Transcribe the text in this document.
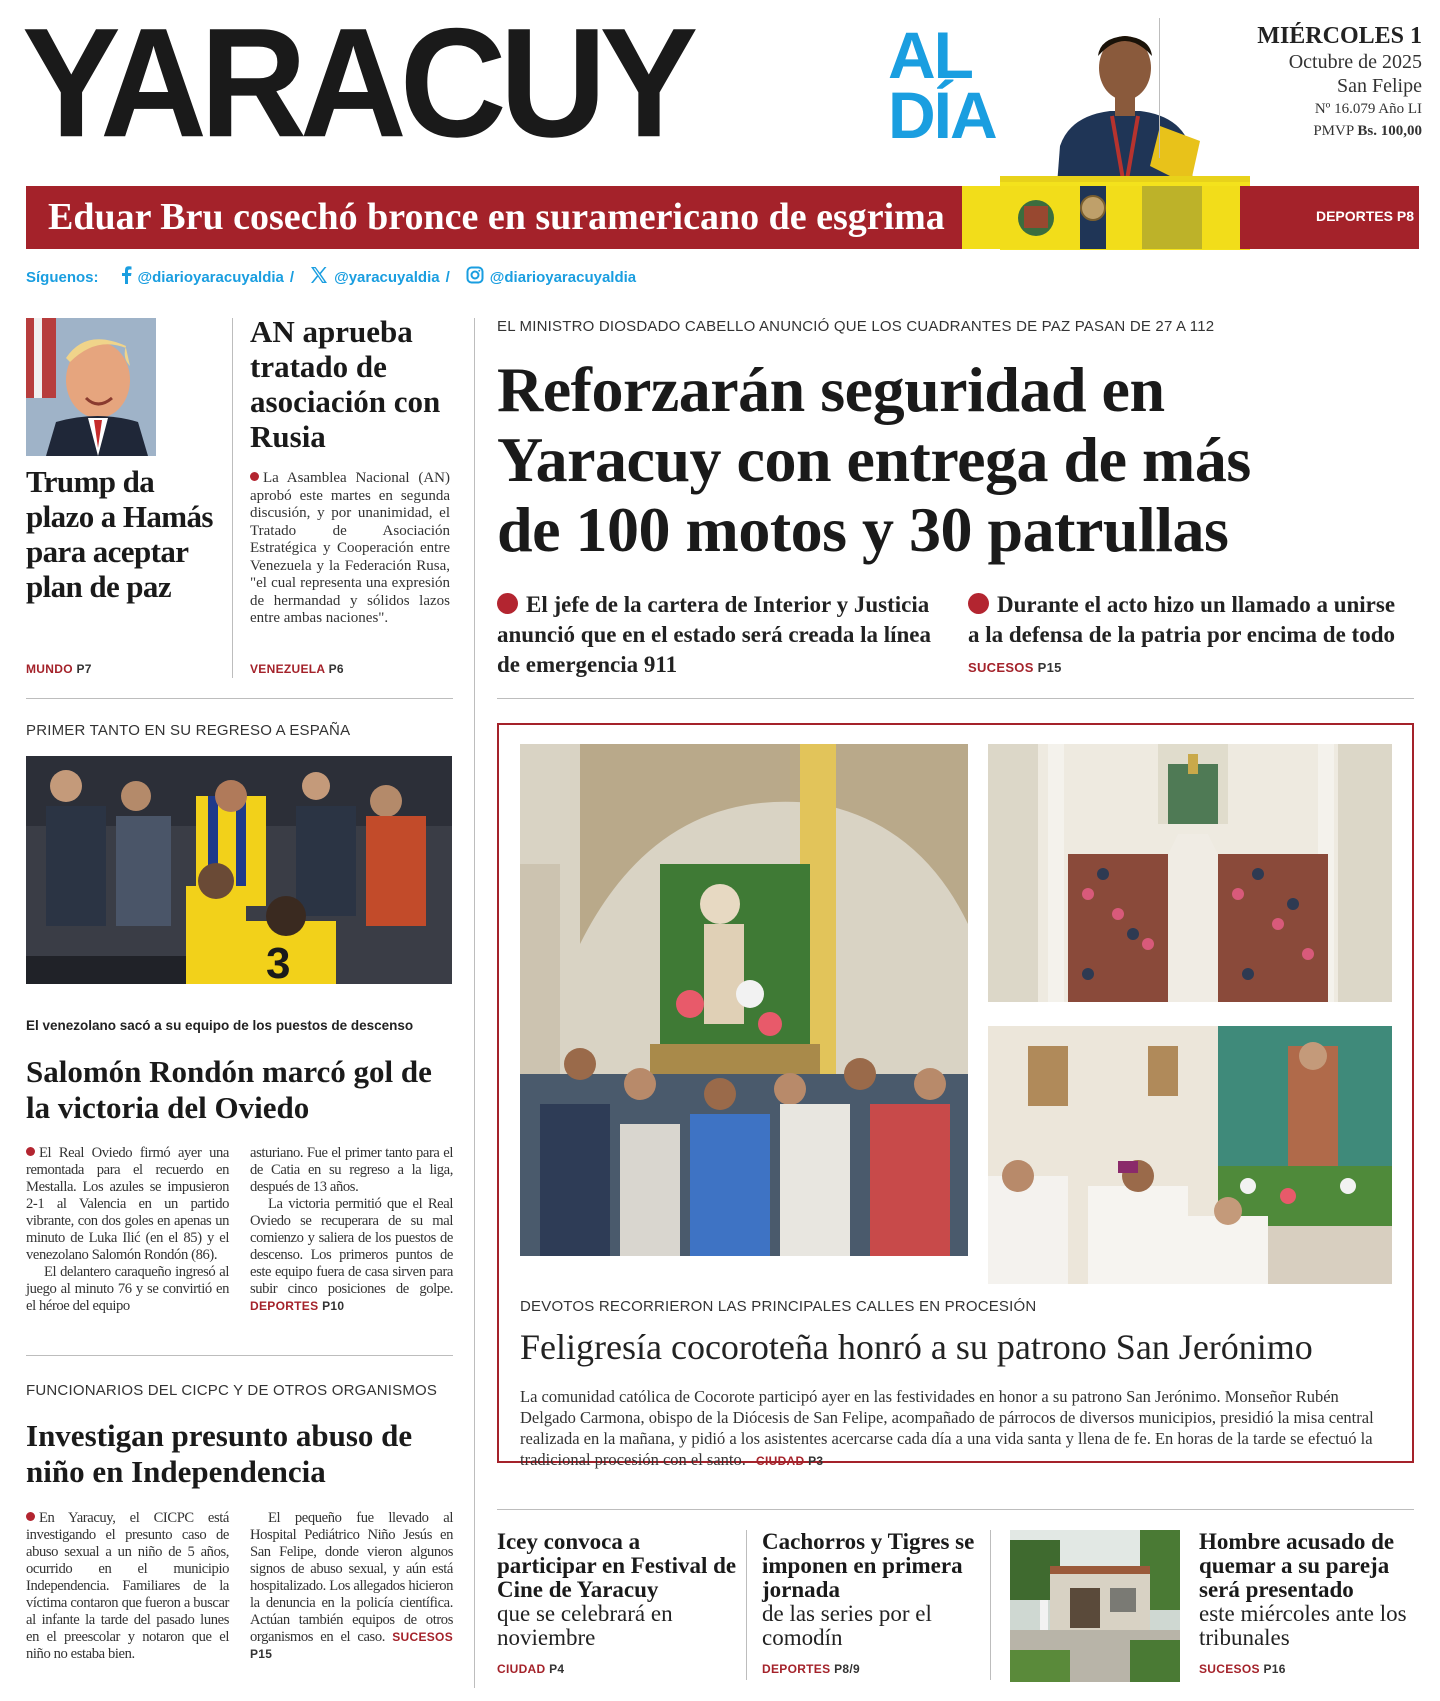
YARACUY	AL
DÍA
MIÉRCOLES 1
Octubre de 2025
San Felipe
Nº 16.079 Año LI
PMVP Bs. 100,00
Eduar Bru cosechó bronce en suramericano de esgrima	DEPORTES P8
Síguenos:	@diarioyaracuyaldia /	@yaracuyaldia /	@diarioyaracuyaldia
Trump da plazo a Hamás para aceptar plan de paz
MUNDO P7
AN aprueba tratado de asociación con Rusia
La Asamblea Nacional (AN) aprobó este martes en segunda discusión, y por unanimidad, el Tratado de Asociación Estratégica y Cooperación entre Venezuela y la Federación Rusa, "el cual representa una expresión de hermandad y sólidos lazos entre ambas naciones".
VENEZUELA P6
EL MINISTRO DIOSDADO CABELLO ANUNCIÓ QUE LOS CUADRANTES DE PAZ PASAN DE 27 A 112
Reforzarán seguridad en
Yaracuy con entrega de más
de 100 motos y 30 patrullas
El jefe de la cartera de Interior y Justicia anunció que en el estado será creada la línea de emergencia 911
Durante el acto hizo un llamado a unirse a la defensa de la patria por encima de todo SUCESOS P15
PRIMER TANTO EN SU REGRESO A ESPAÑA
3
El venezolano sacó a su equipo de los puestos de descenso
Salomón Rondón marcó gol de la victoria del Oviedo
El Real Oviedo firmó ayer una remontada para el recuerdo en Mestalla. Los azules se impusieron 2-1 al Valencia en un partido vibrante, con dos goles en apenas un minuto de Luka Ilić (en el 85) y el venezolano Salomón Rondón (86).
El delantero caraqueño ingresó al juego al minuto 76 y se convirtió en el héroe del equipo
asturiano. Fue el primer tanto para el de Catia en su regreso a la liga, después de 13 años.
La victoria permitió que el Real Oviedo se recuperara de su mal comienzo y saliera de los puestos de descenso. Los primeros puntos de este equipo fuera de casa sirven para subir cinco posiciones de golpe. DEPORTES P10
FUNCIONARIOS DEL CICPC Y DE OTROS ORGANISMOS
Investigan presunto abuso de niño en Independencia
En Yaracuy, el CICPC está investigando el presunto caso de abuso sexual a un niño de 5 años, ocurrido en el municipio Independencia. Familiares de la víctima contaron que fueron a buscar al infante la tarde del pasado lunes en el preescolar y notaron que el niño no estaba bien.
El pequeño fue llevado al Hospital Pediátrico Niño Jesús en San Felipe, donde vieron algunos signos de abuso sexual, y aún está hospitalizado. Los allegados hicieron la denuncia en la policía científica. Actúan también equipos de otros organismos en el caso. SUCESOS P15
DEVOTOS RECORRIERON LAS PRINCIPALES CALLES EN PROCESIÓN
Feligresía cocoroteña honró a su patrono San Jerónimo
La comunidad católica de Cocorote participó ayer en las festividades en honor a su patrono San Jerónimo. Monseñor Rubén Delgado Carmona, obispo de la Diócesis de San Felipe, acompañado de párrocos de diversos municipios, presidió la misa central realizada en la mañana, y pidió a los asistentes acercarse cada día a una vida santa y llena de fe. En horas de la tarde se efectuó la tradicional procesión con el santo. CIUDAD P3
Icey convoca a participar en Festival de Cine de Yaracuy
que se celebrará en noviembre
CIUDAD P4
Cachorros y Tigres se imponen en primera jornada
de las series por el comodín
DEPORTES P8/9
Hombre acusado de quemar a su pareja será presentado
este miércoles ante los tribunales
SUCESOS P16
